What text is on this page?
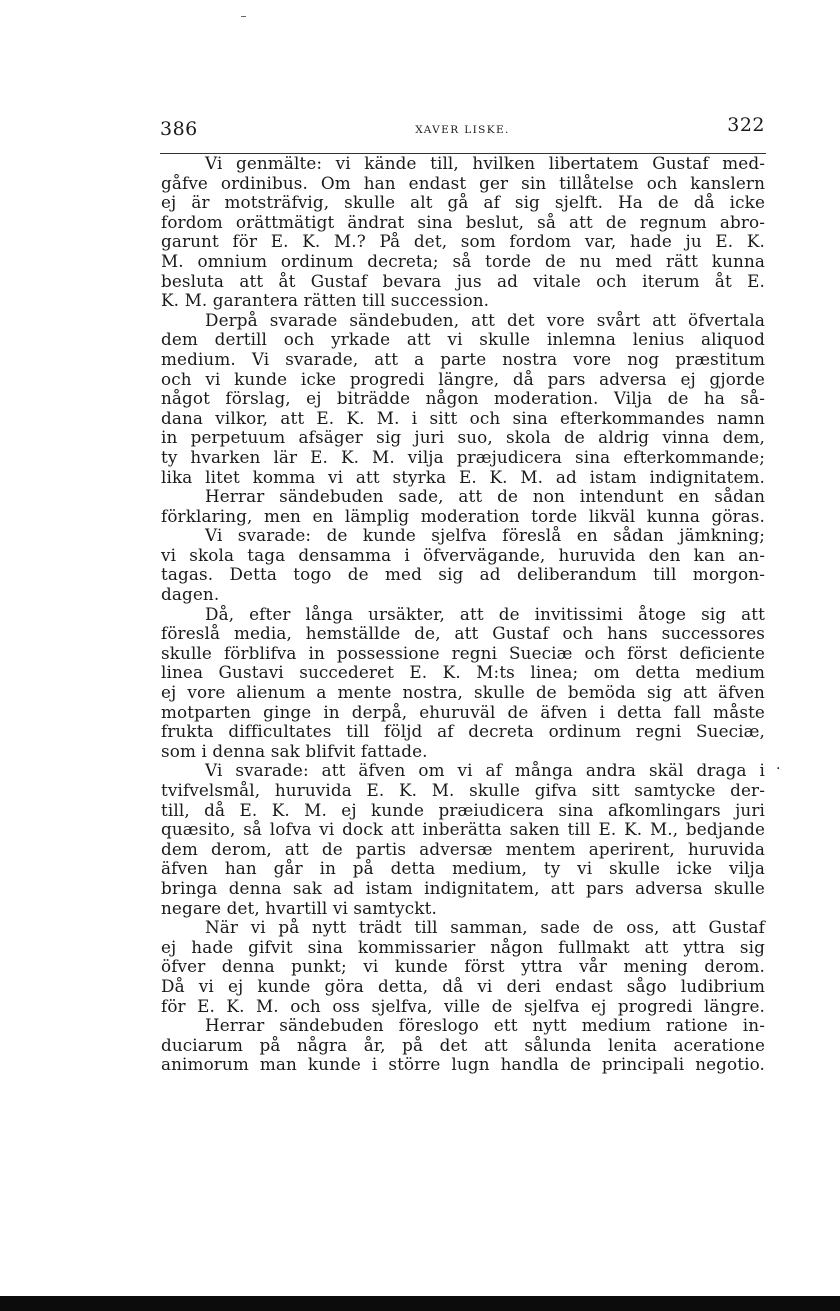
386	XAVER LISKE.	322
Vi genmälte: vi kände till, hvilken libertatem Gustaf med-
gåfve ordinibus. Om han endast ger sin tillåtelse och kanslern
ej är motsträfvig, skulle alt gå af sig sjelft. Ha de då icke
fordom orättmätigt ändrat sina beslut, så att de regnum abro-
garunt för E. K. M.? På det, som fordom var, hade ju E. K.
M. omnium ordinum decreta; så torde de nu med rätt kunna
besluta att åt Gustaf bevara jus ad vitale och iterum åt E.
K. M. garantera rätten till succession.
Derpå svarade sändebuden, att det vore svårt att öfvertala
dem dertill och yrkade att vi skulle inlemna lenius aliquod
medium. Vi svarade, att a parte nostra vore nog præstitum
och vi kunde icke progredi längre, då pars adversa ej gjorde
något förslag, ej biträdde någon moderation. Vilja de ha så-
dana vilkor, att E. K. M. i sitt och sina efterkommandes namn
in perpetuum afsäger sig juri suo, skola de aldrig vinna dem,
ty hvarken lär E. K. M. vilja præjudicera sina efterkommande;
lika litet komma vi att styrka E. K. M. ad istam indignitatem.
Herrar sändebuden sade, att de non intendunt en sådan
förklaring, men en lämplig moderation torde likväl kunna göras.
Vi svarade: de kunde sjelfva föreslå en sådan jämkning;
vi skola taga densamma i öfvervägande, huruvida den kan an-
tagas. Detta togo de med sig ad deliberandum till morgon-
dagen.
Då, efter långa ursäkter, att de invitissimi åtoge sig att
föreslå media, hemställde de, att Gustaf och hans successores
skulle förblifva in possessione regni Sueciæ och först deficiente
linea Gustavi succederet E. K. M:ts linea; om detta medium
ej vore alienum a mente nostra, skulle de bemöda sig att äfven
motparten ginge in derpå, ehuruväl de äfven i detta fall måste
frukta difficultates till följd af decreta ordinum regni Sueciæ,
som i denna sak blifvit fattade.
Vi svarade: att äfven om vi af många andra skäl draga i
tvifvelsmål, huruvida E. K. M. skulle gifva sitt samtycke der-
till, då E. K. M. ej kunde præiudicera sina afkomlingars juri
quæsito, så lofva vi dock att inberätta saken till E. K. M., bedjande
dem derom, att de partis adversæ mentem aperirent, huruvida
äfven han går in på detta medium, ty vi skulle icke vilja
bringa denna sak ad istam indignitatem, att pars adversa skulle
negare det, hvartill vi samtyckt.
När vi på nytt trädt till samman, sade de oss, att Gustaf
ej hade gifvit sina kommissarier någon fullmakt att yttra sig
öfver denna punkt; vi kunde först yttra vår mening derom.
Då vi ej kunde göra detta, då vi deri endast sågo ludibrium
för E. K. M. och oss sjelfva, ville de sjelfva ej progredi längre.
Herrar sändebuden föreslogo ett nytt medium ratione in-
duciarum på några år, på det att sålunda lenita aceratione
animorum man kunde i större lugn handla de principali negotio.
.
